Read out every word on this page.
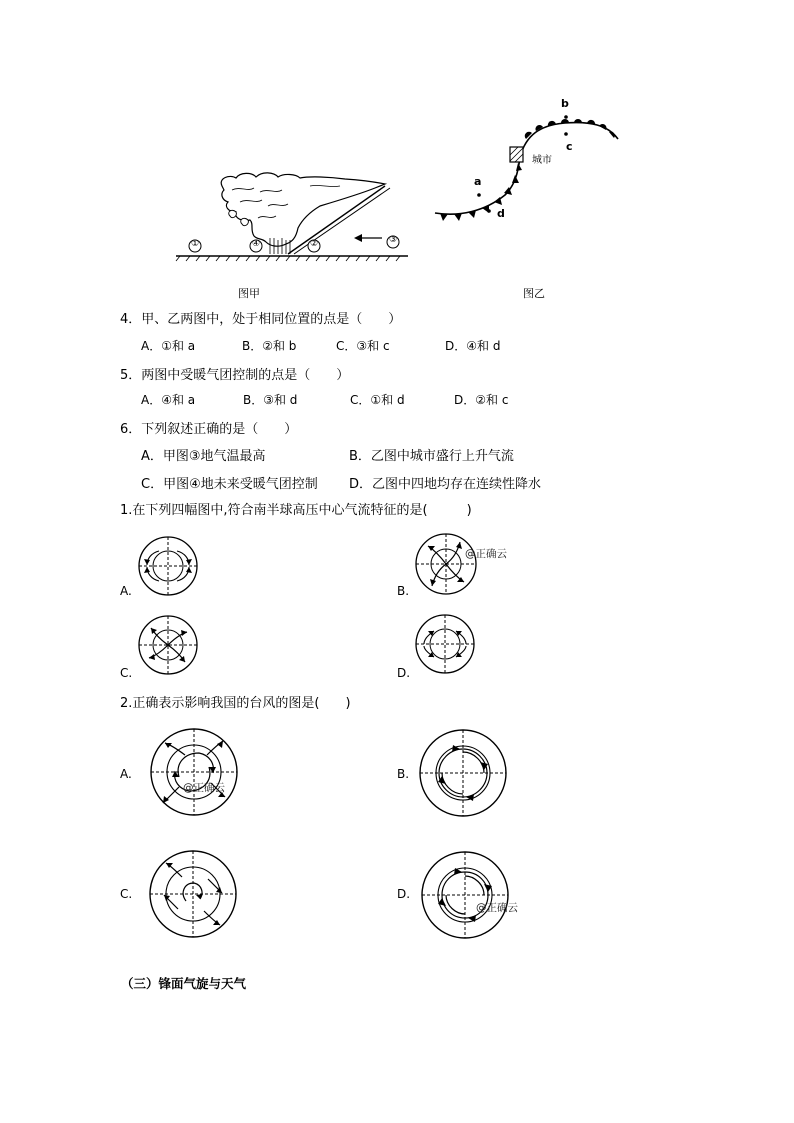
①	④	②	③
图甲
城市
a
b
c
d
图乙
4．甲、乙两图中，处于相同位置的点是（　　）
A．①和 a	B．②和 b	C．③和 c	D．④和 d
5．两图中受暖气团控制的点是（　　）
A．④和 a	B．③和 d	C．①和 d	D．②和 c
6．下列叙述正确的是（　　）
A．甲图③地气温最高	B．乙图中城市盛行上升气流
C．甲图④地未来受暖气团控制 D．乙图中四地均存在连续性降水
1.在下列四幅图中,符合南半球高压中心气流特征的是(　　　)
A.
@正确云
B.
C.	D.
2.正确表示影响我国的台风的图是(　　)
@正确云
A.	B.
C.
@正确云
D.
（三）锋面气旋与天气
